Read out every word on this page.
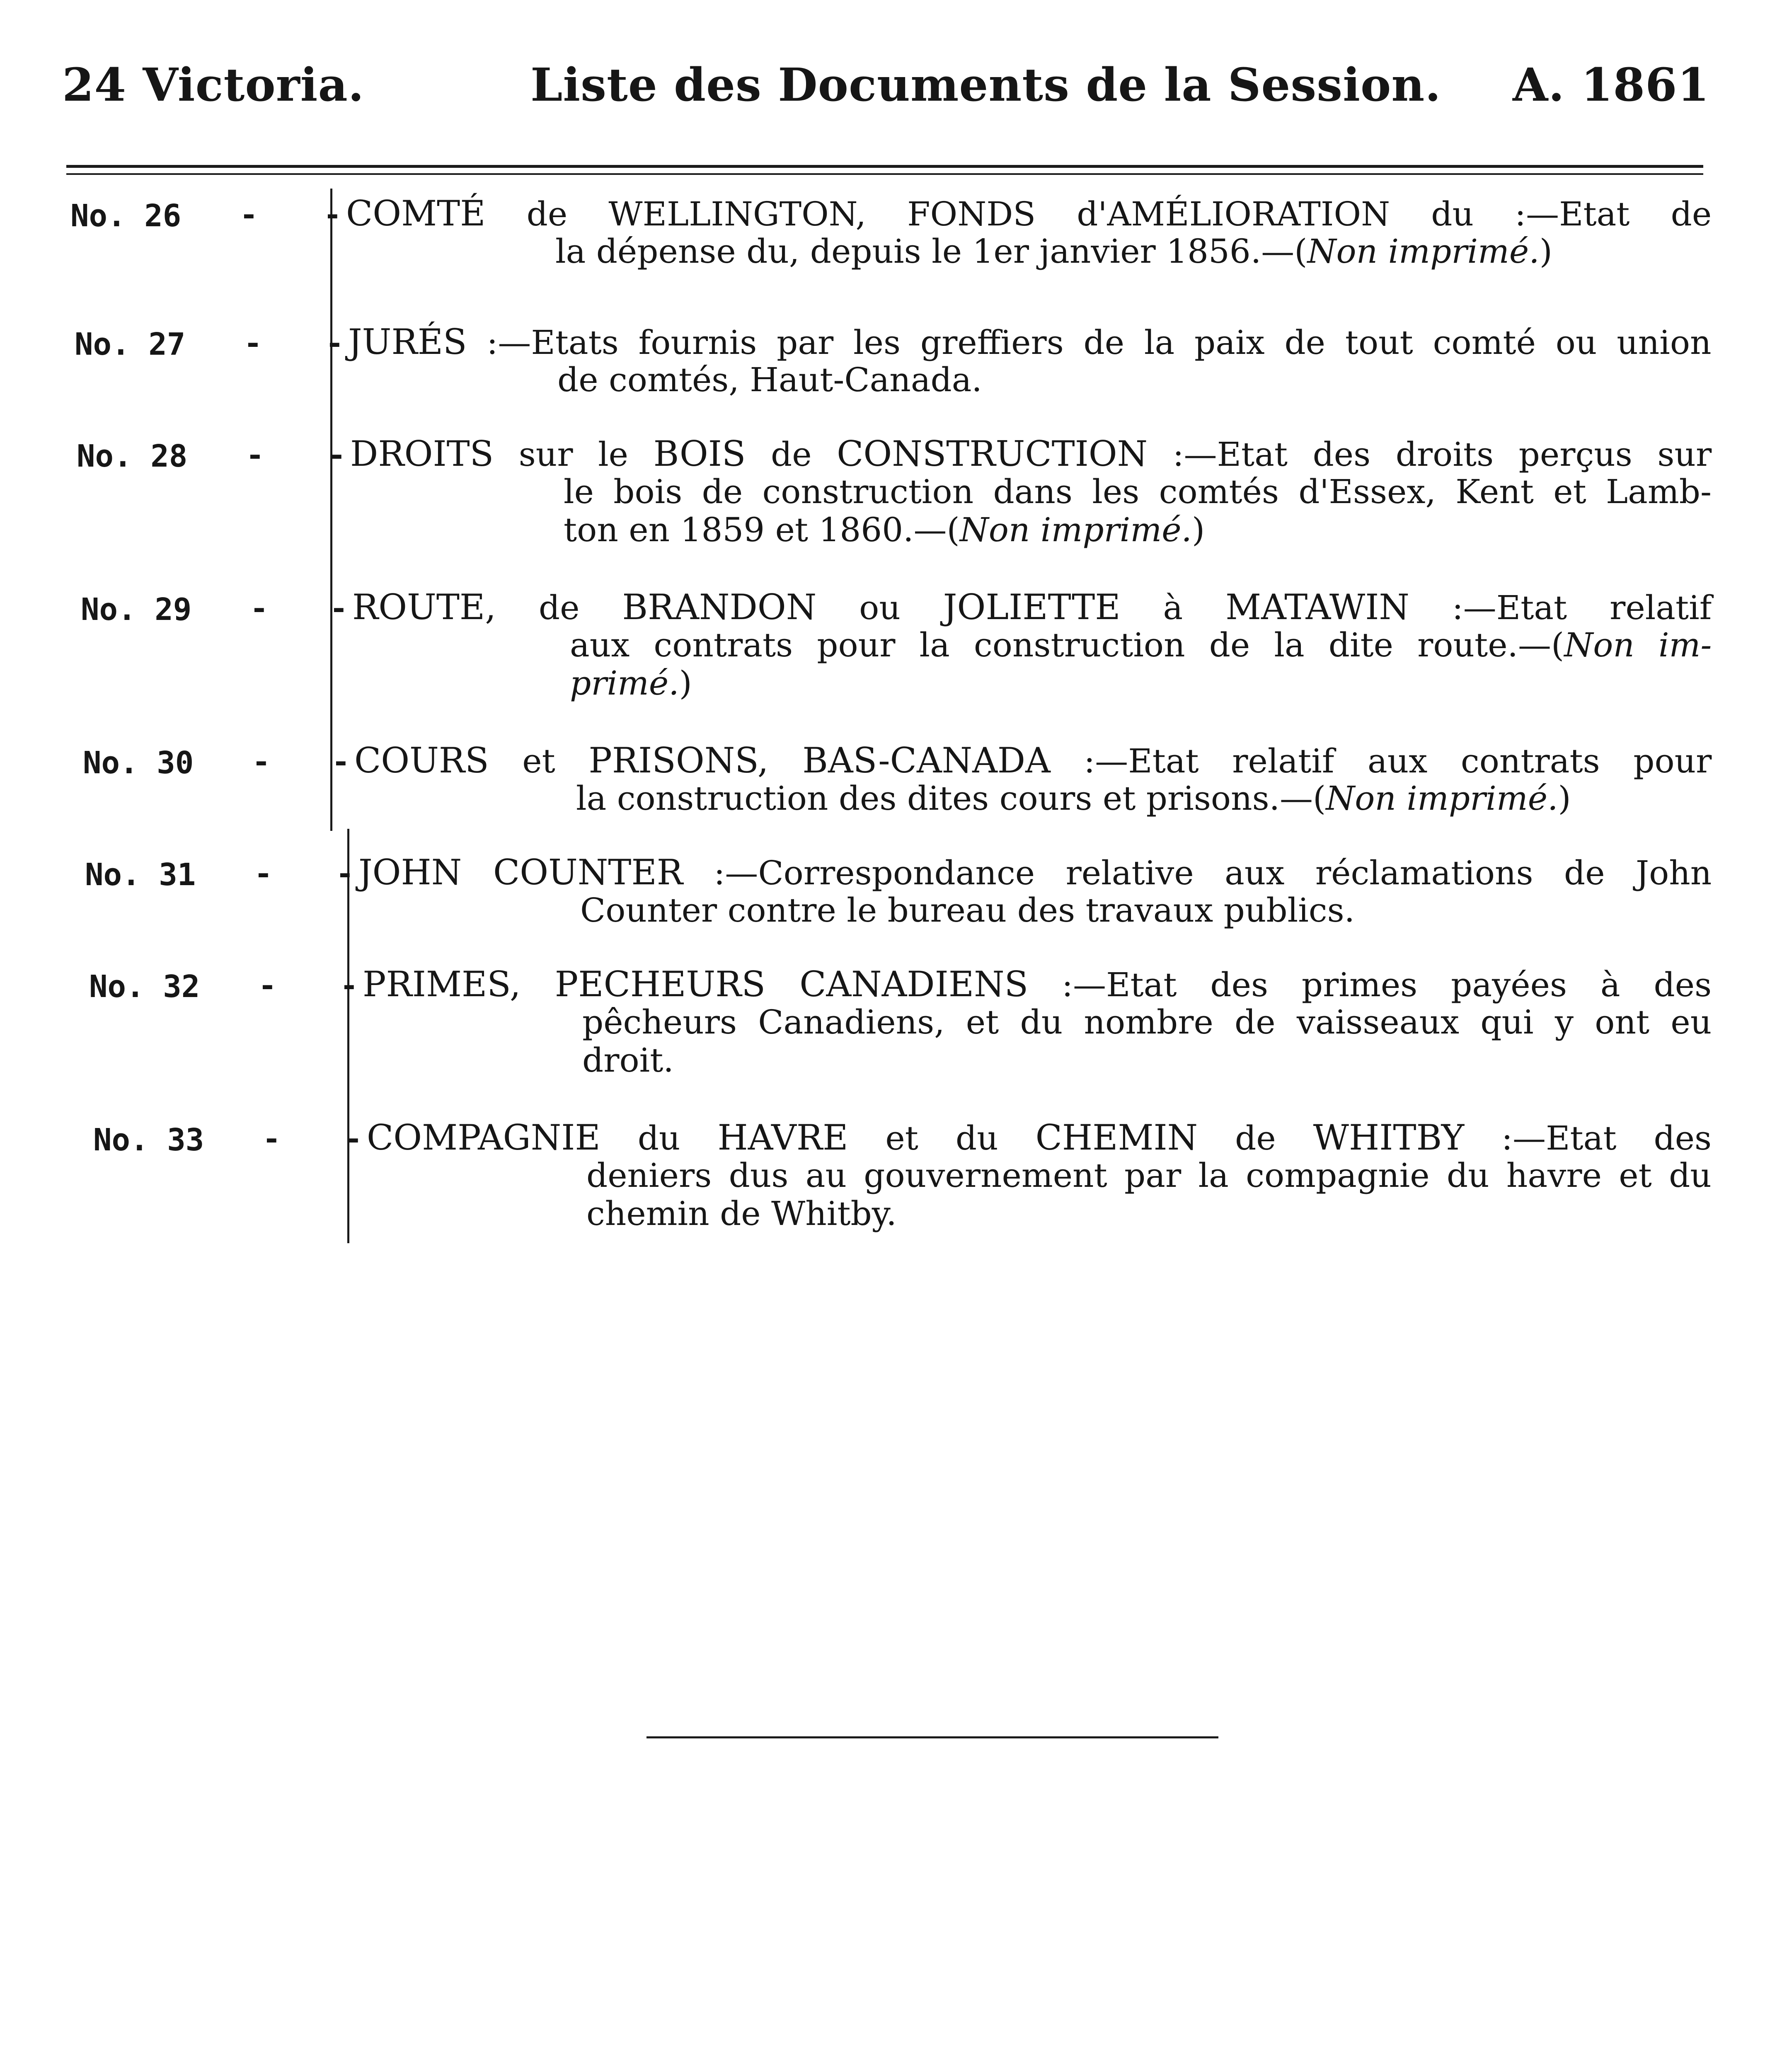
24 Victoria.	Liste des Documents de la Session. A. 1861
No. 26 - - COMTÉ de WELLINGTON, FONDS d'AMÉLIORATION du :—Etat de
la dépense du, depuis le 1er janvier 1856.—(Non imprimé.)
No. 27 - - JURÉS :—Etats fournis par les greffiers de la paix de tout comté ou union
de comtés, Haut-Canada.
No. 28 - - DROITS sur le BOIS de CONSTRUCTION :—Etat des droits perçus sur
le bois de construction dans les comtés d'Essex, Kent et Lamb-
ton en 1859 et 1860.—(Non imprimé.)
No. 29 - - ROUTE, de BRANDON ou JOLIETTE à MATAWIN :—Etat relatif
aux contrats pour la construction de la dite route.—(Non im-
primé.)
No. 30 - - COURS et PRISONS, BAS-CANADA :—Etat relatif aux contrats pour
la construction des dites cours et prisons.—(Non imprimé.)
No. 31 - - JOHN COUNTER :—Correspondance relative aux réclamations de John
Counter contre le bureau des travaux publics.
No. 32 - - PRIMES, PECHEURS CANADIENS :—Etat des primes payées à des
pêcheurs Canadiens, et du nombre de vaisseaux qui y ont eu
droit.
No. 33 - - COMPAGNIE du HAVRE et du CHEMIN de WHITBY :—Etat des
deniers dus au gouvernement par la compagnie du havre et du
chemin de Whitby.
